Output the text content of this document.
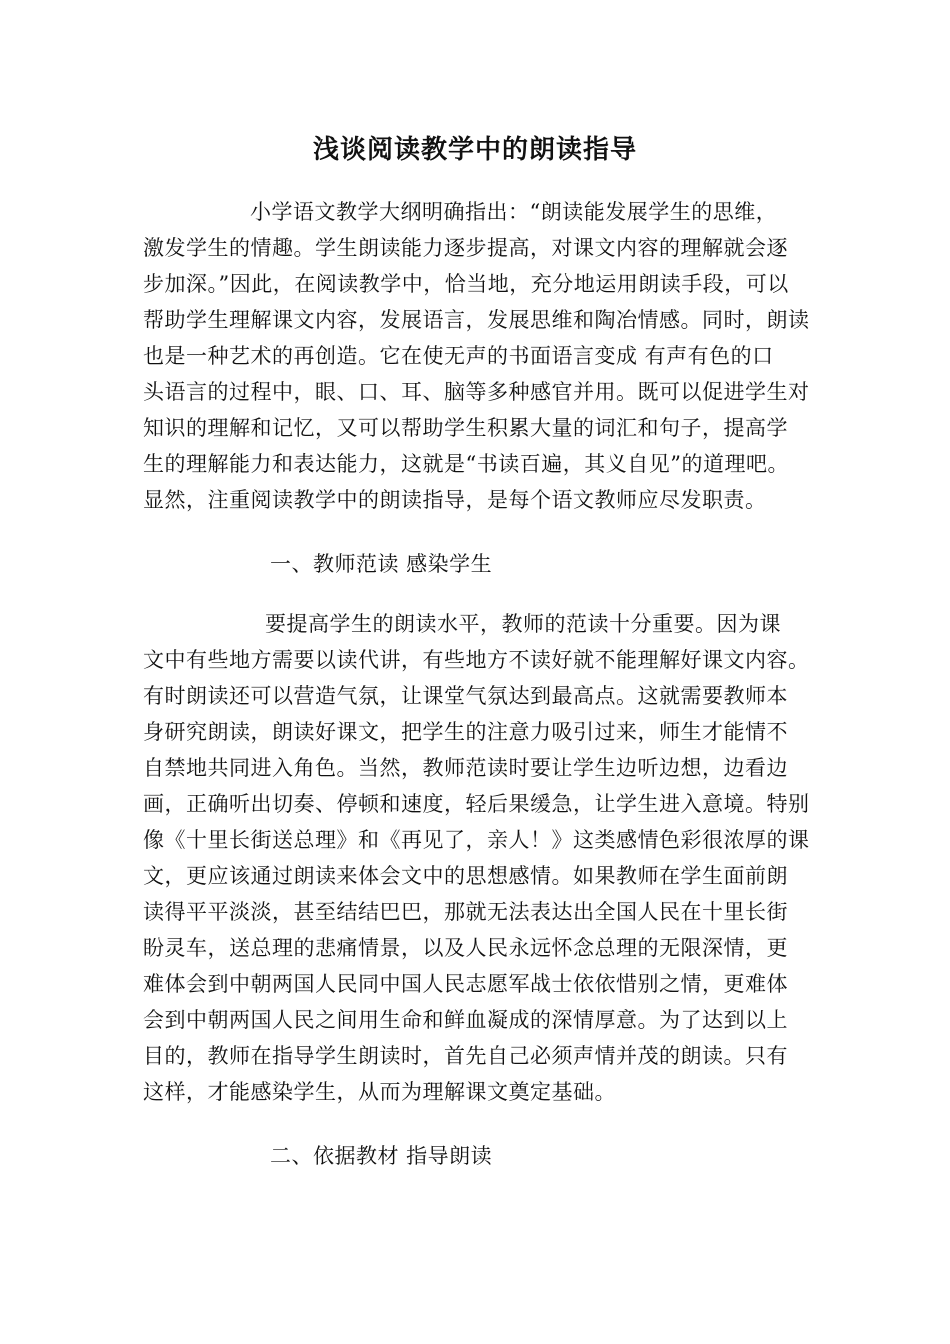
浅谈阅读教学中的朗读指导
小学语文教学大纲明确指出：“朗读能发展学生的思维，
激发学生的情趣。学生朗读能力逐步提高，对课文内容的理解就会逐
步加深。”因此，在阅读教学中，恰当地，充分地运用朗读手段，可以
帮助学生理解课文内容，发展语言，发展思维和陶冶情感。同时，朗读
也是一种艺术的再创造。它在使无声的书面语言变成 有声有色的口
头语言的过程中，眼、口、耳、脑等多种感官并用。既可以促进学生对
知识的理解和记忆，又可以帮助学生积累大量的词汇和句子，提高学
生的理解能力和表达能力，这就是“书读百遍，其义自见”的道理吧。
显然，注重阅读教学中的朗读指导，是每个语文教师应尽发职责。
一、教师范读 感染学生
要提高学生的朗读水平，教师的范读十分重要。因为课
文中有些地方需要以读代讲，有些地方不读好就不能理解好课文内容。
有时朗读还可以营造气氛，让课堂气氛达到最高点。这就需要教师本
身研究朗读，朗读好课文，把学生的注意力吸引过来，师生才能情不
自禁地共同进入角色。当然，教师范读时要让学生边听边想，边看边
画，正确听出切奏、停顿和速度，轻后果缓急，让学生进入意境。特别
像《十里长街送总理》和《再见了，亲人！》这类感情色彩很浓厚的课
文，更应该通过朗读来体会文中的思想感情。如果教师在学生面前朗
读得平平淡淡，甚至结结巴巴，那就无法表达出全国人民在十里长街
盼灵车，送总理的悲痛情景，以及人民永远怀念总理的无限深情，更
难体会到中朝两国人民同中国人民志愿军战士依依惜别之情，更难体
会到中朝两国人民之间用生命和鲜血凝成的深情厚意。为了达到以上
目的，教师在指导学生朗读时，首先自己必须声情并茂的朗读。只有
这样，才能感染学生，从而为理解课文奠定基础。
二、依据教材 指导朗读
